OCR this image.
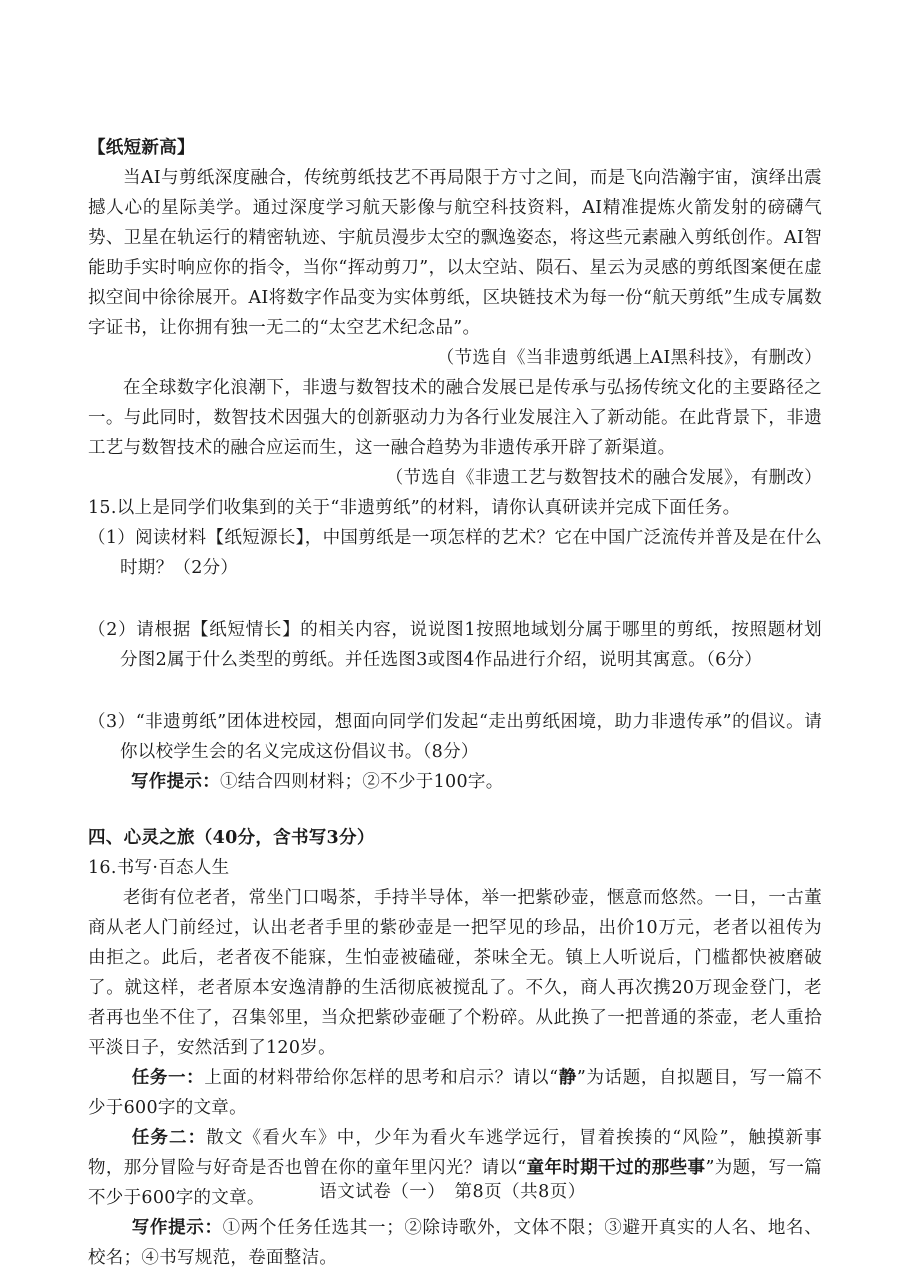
【纸短新高】

当AI与剪纸深度融合，传统剪纸技艺不再局限于方寸之间，而是飞向浩瀚宇宙，演绎出震撼人心的星际美学。通过深度学习航天影像与航空科技资料，AI精准提炼火箭发射的磅礴气势、卫星在轨运行的精密轨迹、宇航员漫步太空的飘逸姿态，将这些元素融入剪纸创作。AI智能助手实时响应你的指令，当你“挥动剪刀”，以太空站、陨石、星云为灵感的剪纸图案便在虚拟空间中徐徐展开。AI将数字作品变为实体剪纸，区块链技术为每一份“航天剪纸”生成专属数字证书，让你拥有独一无二的“太空艺术纪念品”。

（节选自《当非遗剪纸遇上AI黑科技》，有删改）

在全球数字化浪潮下，非遗与数智技术的融合发展已是传承与弘扬传统文化的主要路径之一。与此同时，数智技术因强大的创新驱动力为各行业发展注入了新动能。在此背景下，非遗工艺与数智技术的融合应运而生，这一融合趋势为非遗传承开辟了新渠道。

（节选自《非遗工艺与数智技术的融合发展》，有删改）

15.以上是同学们收集到的关于“非遗剪纸”的材料，请你认真研读并完成下面任务。

（1）阅读材料【纸短源长】，中国剪纸是一项怎样的艺术？它在中国广泛流传并普及是在什么时期？（2分）

（2）请根据【纸短情长】的相关内容，说说图1按照地域划分属于哪里的剪纸，按照题材划分图2属于什么类型的剪纸。并任选图3或图4作品进行介绍，说明其寓意。（6分）

（3）“非遗剪纸”团体进校园，想面向同学们发起“走出剪纸困境，助力非遗传承”的倡议。请你以校学生会的名义完成这份倡议书。（8分）

写作提示：①结合四则材料；②不少于100字。

四、心灵之旅（40分，含书写3分）

16.书写·百态人生

老街有位老者，常坐门口喝茶，手持半导体，举一把紫砂壶，惬意而悠然。一日，一古董商从老人门前经过，认出老者手里的紫砂壶是一把罕见的珍品，出价10万元，老者以祖传为由拒之。此后，老者夜不能寐，生怕壶被磕碰，茶味全无。镇上人听说后，门槛都快被磨破了。就这样，老者原本安逸清静的生活彻底被搅乱了。不久，商人再次携20万现金登门，老者再也坐不住了，召集邻里，当众把紫砂壶砸了个粉碎。从此换了一把普通的茶壶，老人重拾平淡日子，安然活到了120岁。

任务一：上面的材料带给你怎样的思考和启示？请以“静”为话题，自拟题目，写一篇不少于600字的文章。

任务二：散文《看火车》中，少年为看火车逃学远行，冒着挨揍的“风险”，触摸新事物，那分冒险与好奇是否也曾在你的童年里闪光？请以“童年时期干过的那些事”为题，写一篇不少于600字的文章。

写作提示：①两个任务任选其一；②除诗歌外，文体不限；③避开真实的人名、地名、校名；④书写规范，卷面整洁。

语文试卷（一）　第8页（共8页）
